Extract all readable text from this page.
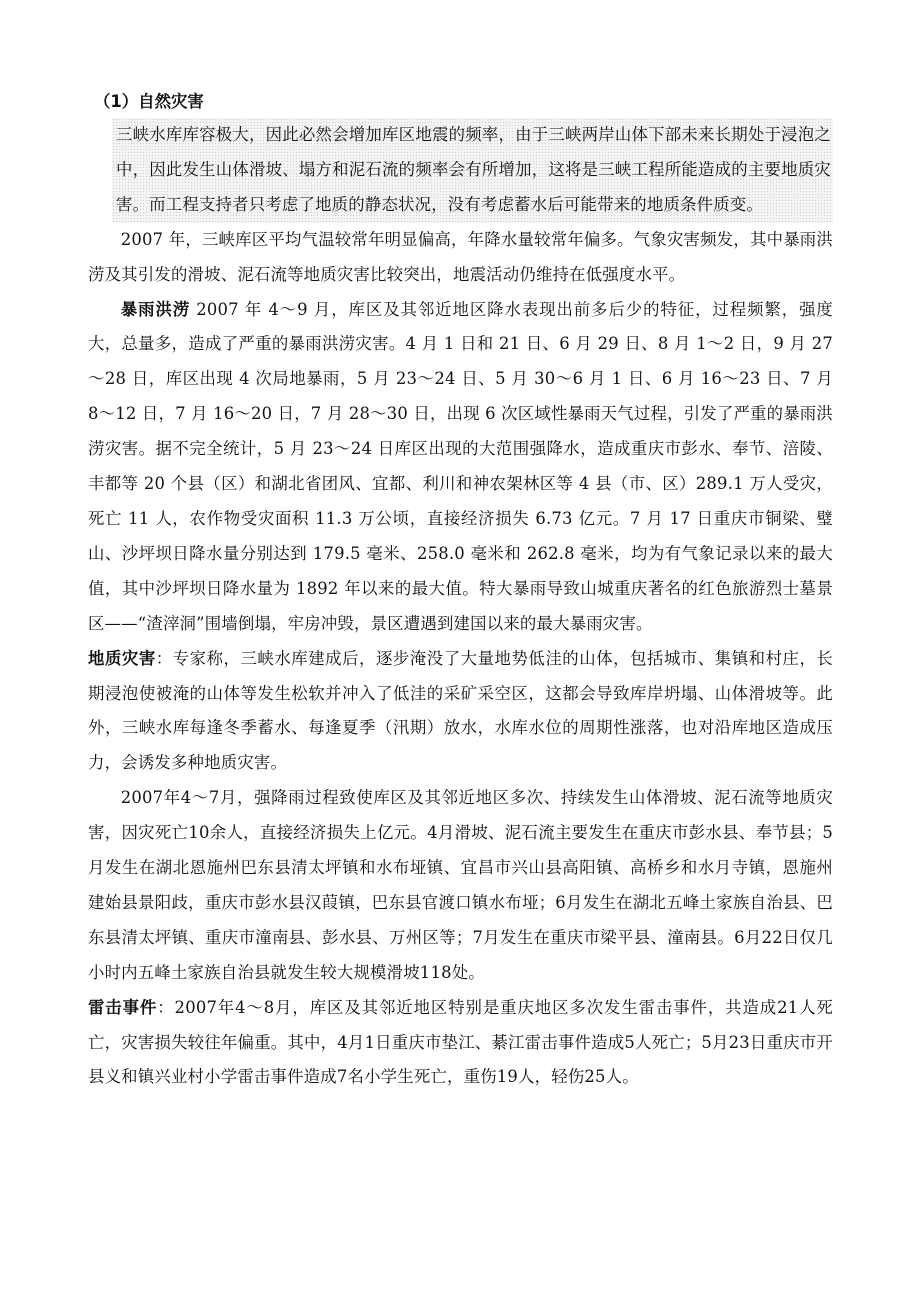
（1）自然灾害

三峡水库库容极大，因此必然会增加库区地震的频率，由于三峡两岸山体下部未来长期处于浸泡之中，因此发生山体滑坡、塌方和泥石流的频率会有所增加，这将是三峡工程所能造成的主要地质灾害。而工程支持者只考虑了地质的静态状况，没有考虑蓄水后可能带来的地质条件质变。

2007 年，三峡库区平均气温较常年明显偏高，年降水量较常年偏多。气象灾害频发，其中暴雨洪涝及其引发的滑坡、泥石流等地质灾害比较突出，地震活动仍维持在低强度水平。

暴雨洪涝 2007 年 4～9 月，库区及其邻近地区降水表现出前多后少的特征，过程频繁，强度大，总量多，造成了严重的暴雨洪涝灾害。4 月 1 日和 21 日、6 月 29 日、8 月 1～2 日，9 月 27～28 日，库区出现 4 次局地暴雨，5 月 23～24 日、5 月 30～6 月 1 日、6 月 16～23 日、7 月 8～12 日，7 月 16～20 日，7 月 28～30 日，出现 6 次区域性暴雨天气过程，引发了严重的暴雨洪涝灾害。据不完全统计，5 月 23～24 日库区出现的大范围强降水，造成重庆市彭水、奉节、涪陵、丰都等 20 个县（区）和湖北省团风、宜都、利川和神农架林区等 4 县（市、区）289.1 万人受灾，死亡 11 人，农作物受灾面积 11.3 万公顷，直接经济损失 6.73 亿元。7 月 17 日重庆市铜梁、璧山、沙坪坝日降水量分别达到 179.5 毫米、258.0 毫米和 262.8 毫米，均为有气象记录以来的最大值，其中沙坪坝日降水量为 1892 年以来的最大值。特大暴雨导致山城重庆著名的红色旅游烈士墓景区——“渣滓洞”围墙倒塌，牢房冲毁，景区遭遇到建国以来的最大暴雨灾害。

地质灾害：专家称，三峡水库建成后，逐步淹没了大量地势低洼的山体，包括城市、集镇和村庄，长期浸泡使被淹的山体等发生松软并冲入了低洼的采矿采空区，这都会导致库岸坍塌、山体滑坡等。此外，三峡水库每逢冬季蓄水、每逢夏季（汛期）放水，水库水位的周期性涨落，也对沿库地区造成压力，会诱发多种地质灾害。

2007年4～7月，强降雨过程致使库区及其邻近地区多次、持续发生山体滑坡、泥石流等地质灾害，因灾死亡10余人，直接经济损失上亿元。4月滑坡、泥石流主要发生在重庆市彭水县、奉节县；5月发生在湖北恩施州巴东县清太坪镇和水布垭镇、宜昌市兴山县高阳镇、高桥乡和水月寺镇，恩施州建始县景阳歧，重庆市彭水县汉葭镇，巴东县官渡口镇水布垭；6月发生在湖北五峰土家族自治县、巴东县清太坪镇、重庆市潼南县、彭水县、万州区等；7月发生在重庆市梁平县、潼南县。6月22日仅几小时内五峰土家族自治县就发生较大规模滑坡118处。

雷击事件：2007年4～8月，库区及其邻近地区特别是重庆地区多次发生雷击事件，共造成21人死亡，灾害损失较往年偏重。其中，4月1日重庆市垫江、綦江雷击事件造成5人死亡；5月23日重庆市开县义和镇兴业村小学雷击事件造成7名小学生死亡，重伤19人，轻伤25人。
